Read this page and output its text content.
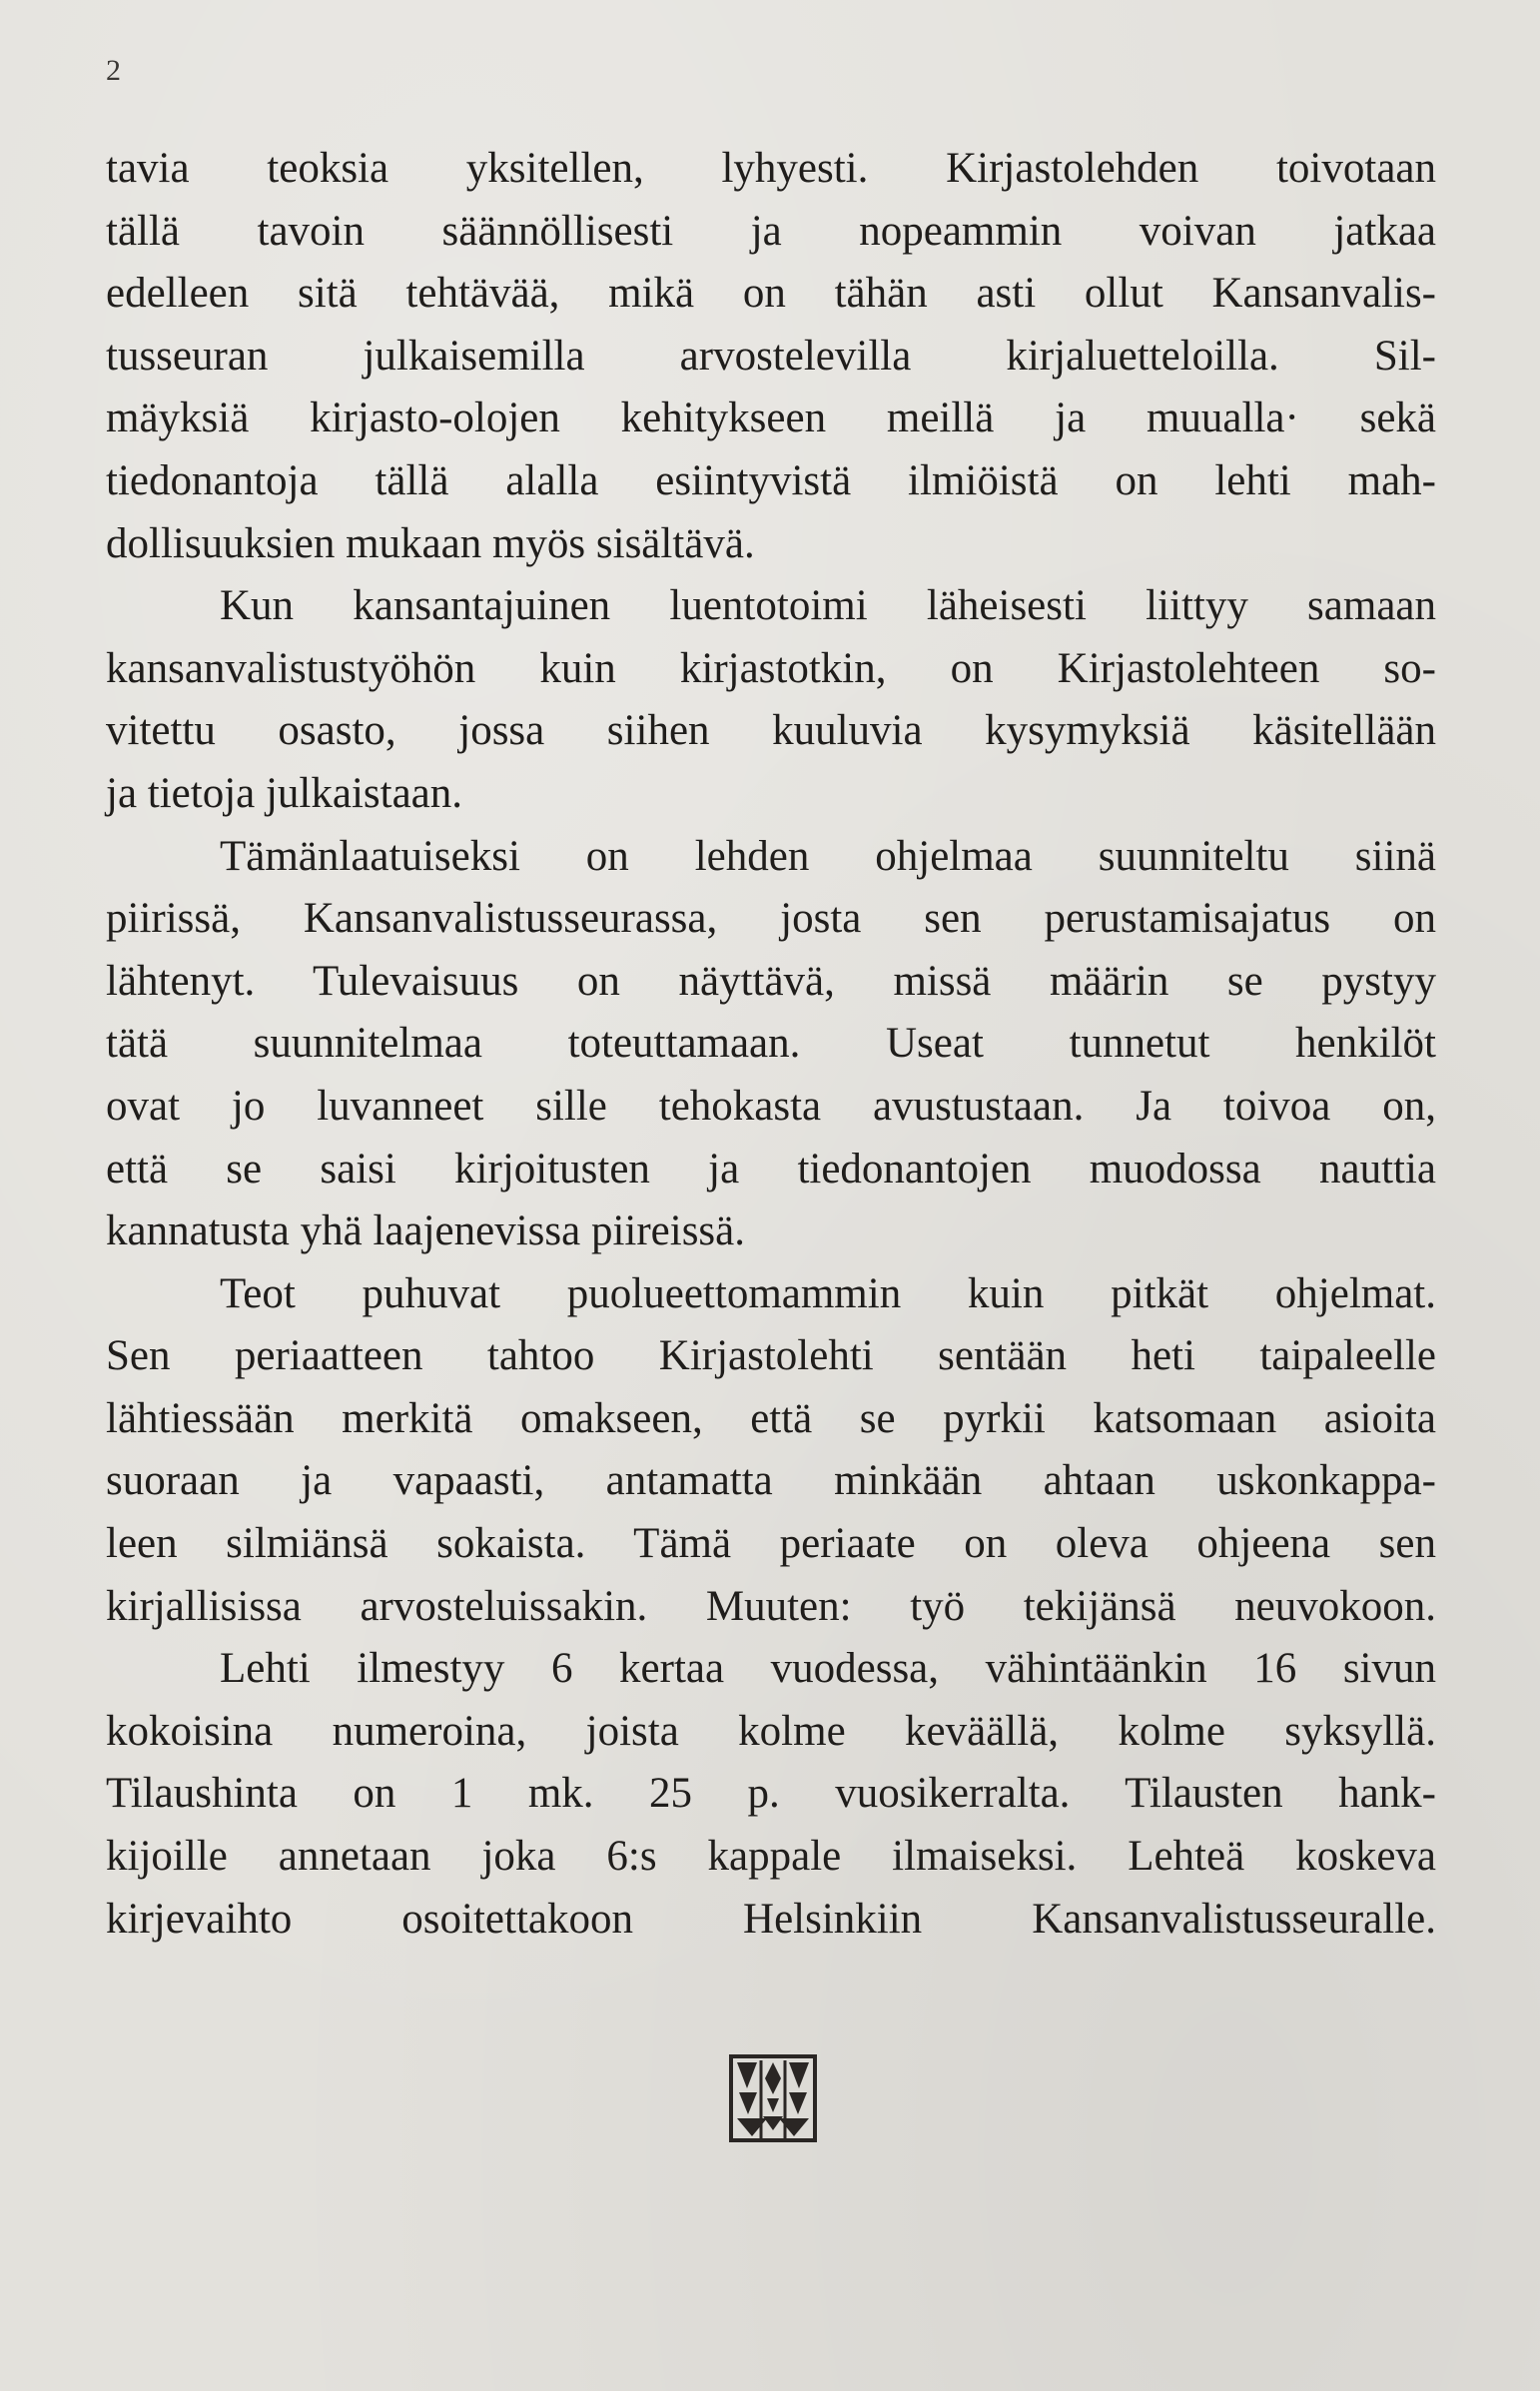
2
tavia teoksia yksitellen, lyhyesti. Kirjastolehden toivotaan
tällä tavoin säännöllisesti ja nopeammin voivan jatkaa
edelleen sitä tehtävää, mikä on tähän asti ollut Kansanvalis-
tusseuran julkaisemilla arvostelevilla kirjaluetteloilla. Sil-
mäyksiä kirjasto-olojen kehitykseen meillä ja muualla· sekä
tiedonantoja tällä alalla esiintyvistä ilmiöistä on lehti mah-
dollisuuksien mukaan myös sisältävä.
Kun kansantajuinen luentotoimi läheisesti liittyy samaan
kansanvalistustyöhön kuin kirjastotkin, on Kirjastolehteen so-
vitettu osasto, jossa siihen kuuluvia kysymyksiä käsitellään
ja tietoja julkaistaan.
Tämänlaatuiseksi on lehden ohjelmaa suunniteltu siinä
piirissä, Kansanvalistusseurassa, josta sen perustamisajatus on
lähtenyt. Tulevaisuus on näyttävä, missä määrin se pystyy
tätä suunnitelmaa toteuttamaan. Useat tunnetut henkilöt
ovat jo luvanneet sille tehokasta avustustaan. Ja toivoa on,
että se saisi kirjoitusten ja tiedonantojen muodossa nauttia
kannatusta yhä laajenevissa piireissä.
Teot puhuvat puolueettomammin kuin pitkät ohjelmat.
Sen periaatteen tahtoo Kirjastolehti sentään heti taipaleelle
lähtiessään merkitä omakseen, että se pyrkii katsomaan asioita
suoraan ja vapaasti, antamatta minkään ahtaan uskonkappa-
leen silmiänsä sokaista. Tämä periaate on oleva ohjeena sen
kirjallisissa arvosteluissakin. Muuten: työ tekijänsä neuvokoon.
Lehti ilmestyy 6 kertaa vuodessa, vähintäänkin 16 sivun
kokoisina numeroina, joista kolme keväällä, kolme syksyllä.
Tilaushinta on 1 mk. 25 p. vuosikerralta. Tilausten hank-
kijoille annetaan joka 6:s kappale ilmaiseksi. Lehteä koskeva
kirjevaihto osoitettakoon Helsinkiin Kansanvalistusseuralle.
